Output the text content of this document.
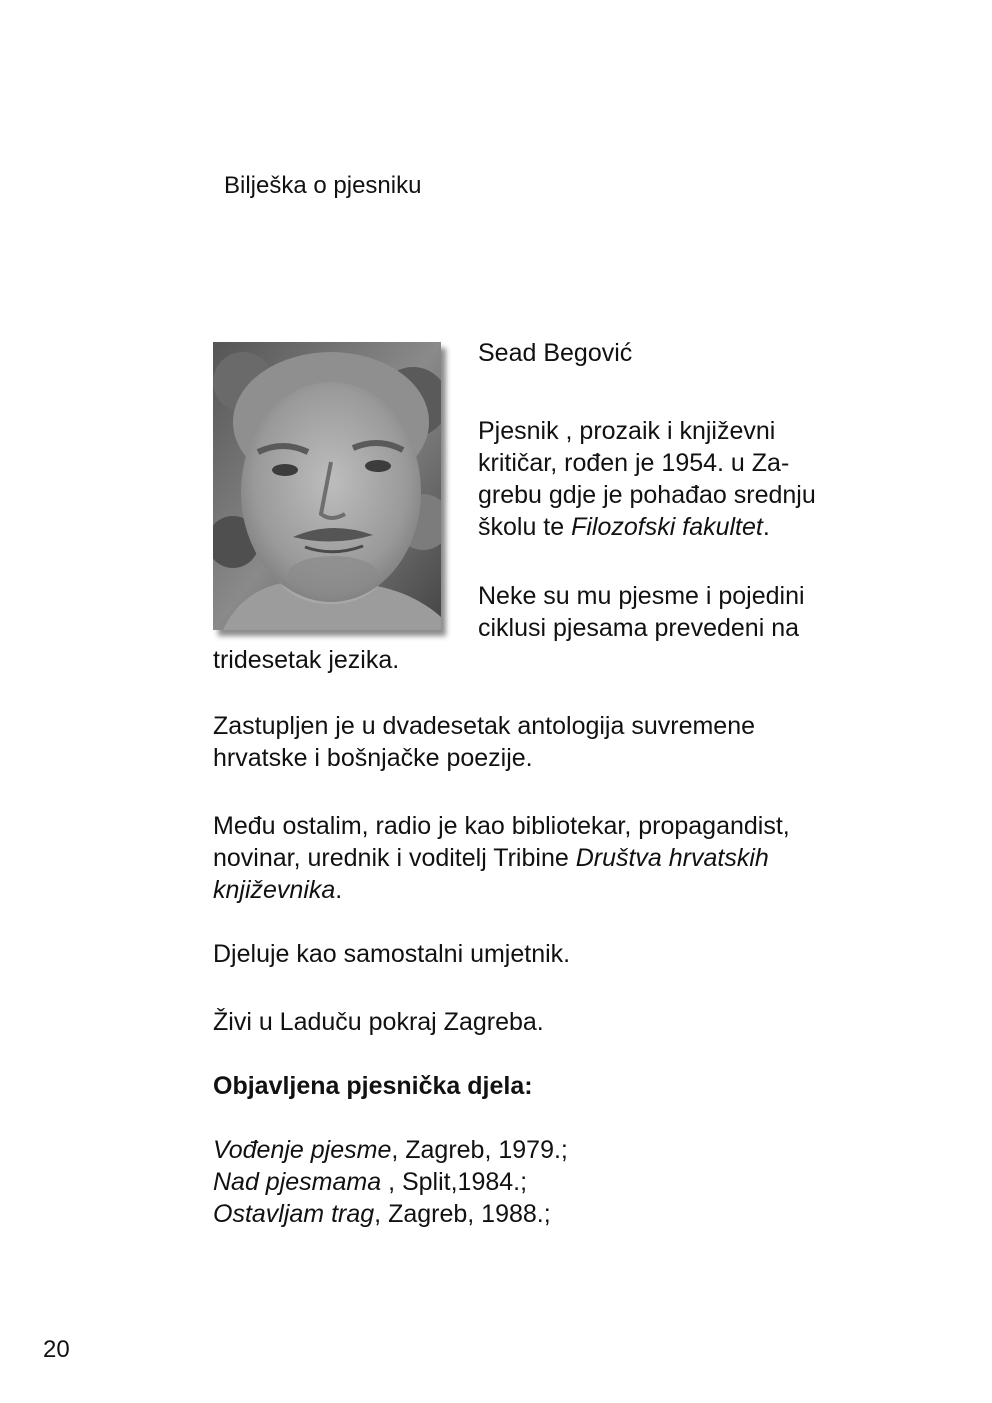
Bilješka o pjesniku
Sead Begović
Pjesnik , prozaik i književni
kritičar, rođen je 1954. u Za-
grebu gdje je pohađao srednju
školu te Filozofski fakultet.
Neke su mu pjesme i pojedini
ciklusi pjesama prevedeni na
tridesetak jezika.
Zastupljen je u dvadesetak antologija suvremene
hrvatske i bošnjačke poezije.
Među ostalim, radio je kao bibliotekar, propagandist,
novinar, urednik i voditelj Tribine Društva hrvatskih
književnika.
Djeluje kao samostalni umjetnik.
Živi u Laduču pokraj Zagreba.
Objavljena pjesnička djela:
Vođenje pjesme, Zagreb, 1979.;
Nad pjesmama , Split,1984.;
Ostavljam trag, Zagreb, 1988.;
20
